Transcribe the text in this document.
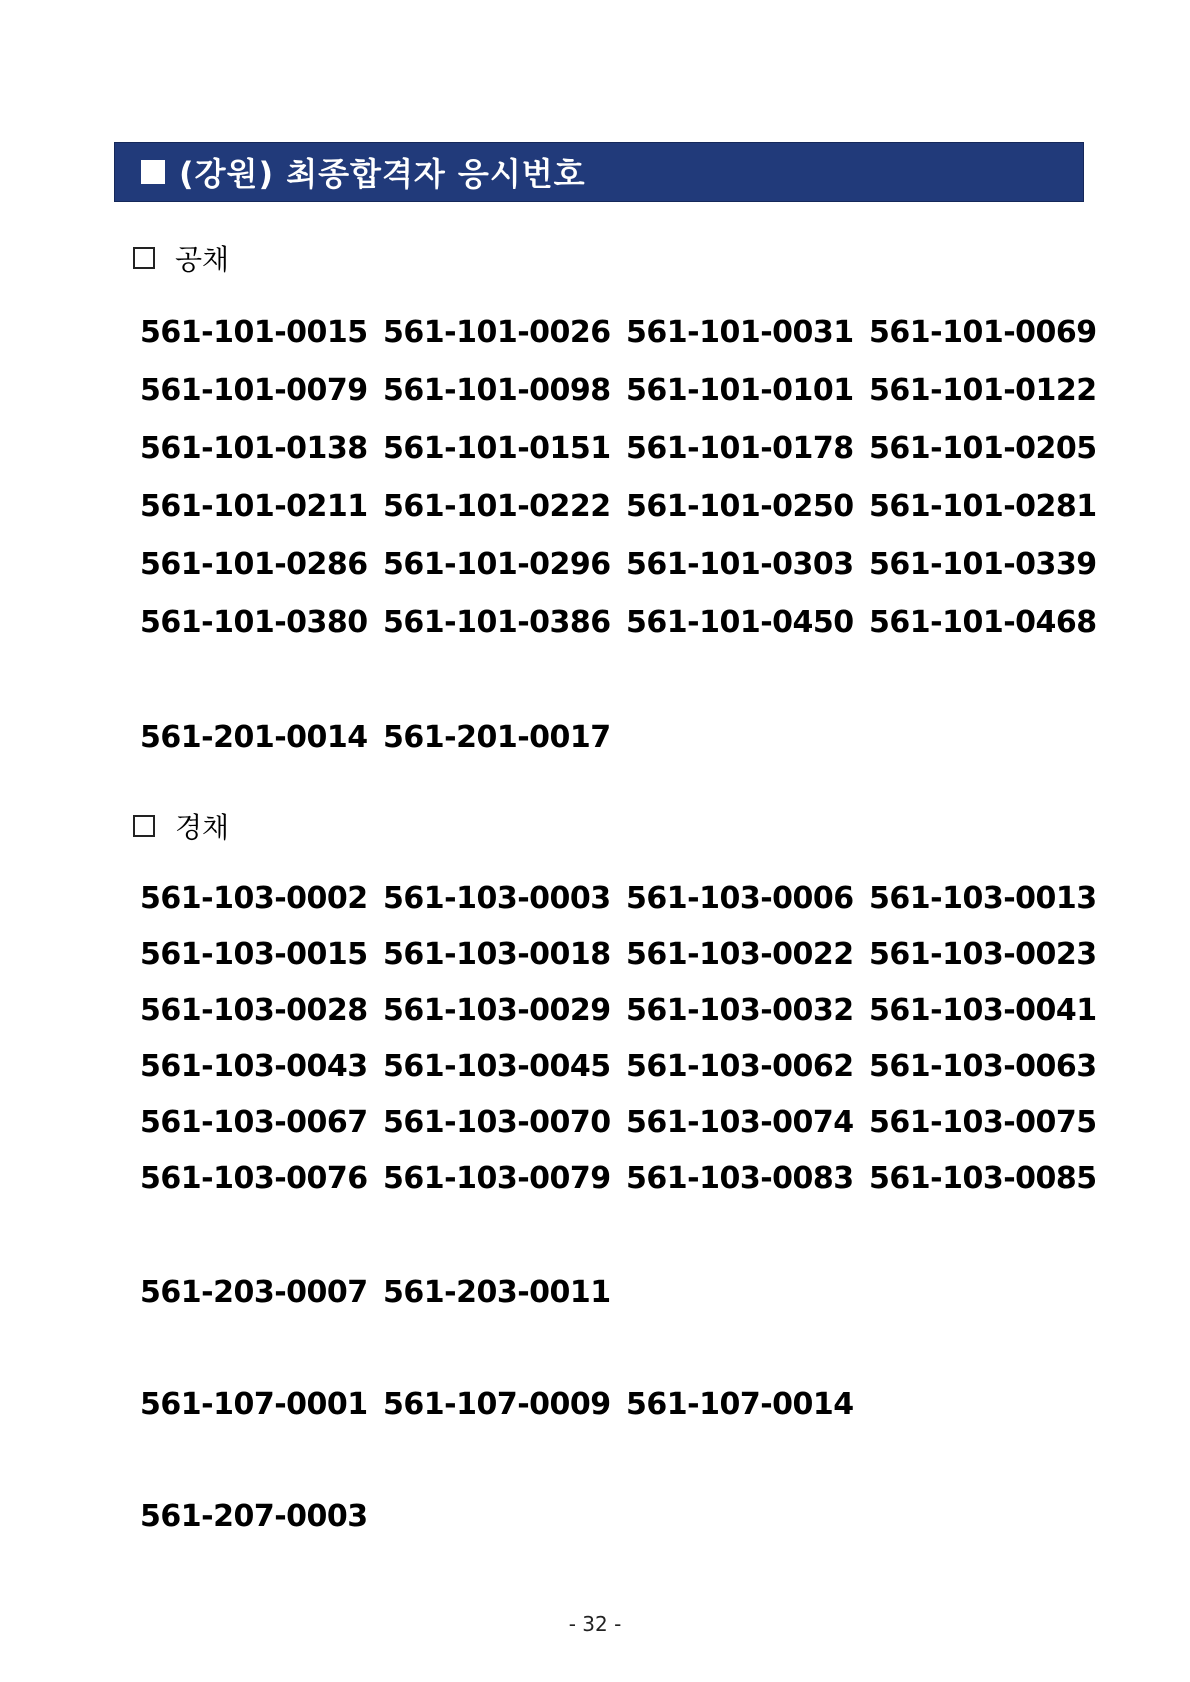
(강원) 최종합격자 응시번호
공채
561-101-0015 561-101-0026 561-101-0031 561-101-0069
561-101-0079 561-101-0098 561-101-0101 561-101-0122
561-101-0138 561-101-0151 561-101-0178 561-101-0205
561-101-0211 561-101-0222 561-101-0250 561-101-0281
561-101-0286 561-101-0296 561-101-0303 561-101-0339
561-101-0380 561-101-0386 561-101-0450 561-101-0468
561-201-0014 561-201-0017
경채
561-103-0002 561-103-0003 561-103-0006 561-103-0013
561-103-0015 561-103-0018 561-103-0022 561-103-0023
561-103-0028 561-103-0029 561-103-0032 561-103-0041
561-103-0043 561-103-0045 561-103-0062 561-103-0063
561-103-0067 561-103-0070 561-103-0074 561-103-0075
561-103-0076 561-103-0079 561-103-0083 561-103-0085
561-203-0007 561-203-0011
561-107-0001 561-107-0009 561-107-0014
561-207-0003
- 32 -
